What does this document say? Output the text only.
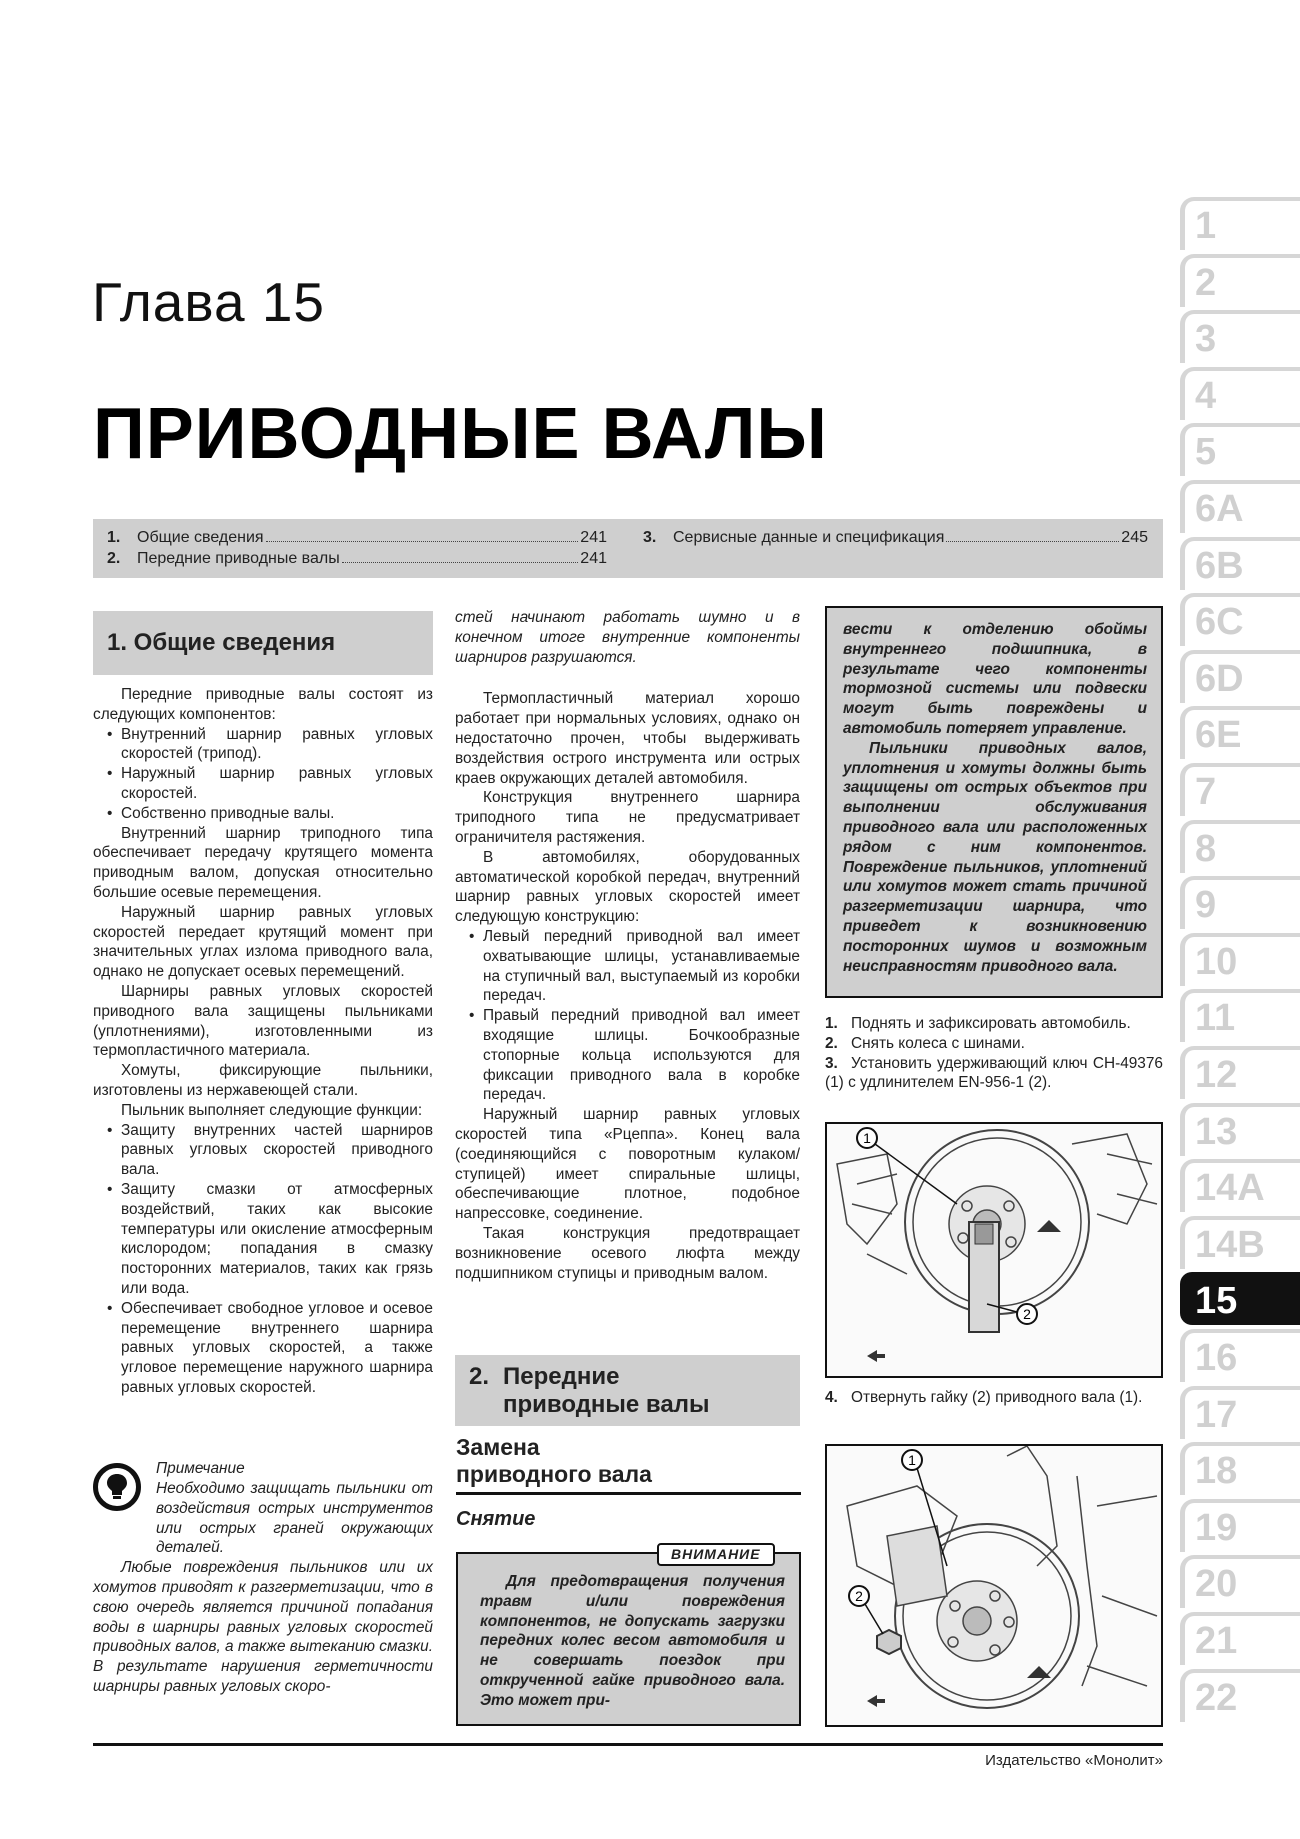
Глава 15
ПРИВОДНЫЕ ВАЛЫ
1.	Общие сведения	241
2.	Передние приводные валы	241
3.	Сервисные данные и спецификация	245
1. Общие сведения

Передние приводные валы состоят из следующих компонентов:

• Внутренний шарнир равных угловых скоростей (трипод).

• Наружный шарнир равных угловых скоростей.

• Собственно приводные валы.

Внутренний шарнир триподного типа обеспечивает передачу крутящего момента приводным валом, допуская относительно большие осевые перемещения.

Наружный шарнир равных угловых скоростей передает крутящий момент при значительных углах излома приводного вала, однако не допускает осевых перемещений.

Шарниры равных угловых скоростей приводного вала защищены пыльниками (уплотнениями), изготовленными из термопластичного материала.

Хомуты, фиксирующие пыльники, изготовлены из нержавеющей стали.

Пыльник выполняет следующие функции:

• Защиту внутренних частей шарниров равных угловых скоростей приводного вала.

• Защиту смазки от атмосферных воздействий, таких как высокие температуры или окисление атмосферным кислородом; попадания в смазку посторонних материалов, таких как грязь или вода.

• Обеспечивает свободное угловое и осевое перемещение внутреннего шарнира равных угловых скоростей, а также угловое перемещение наружного шарнира равных угловых скоростей.

Примечание

Необходимо защищать пыльники от воздействия острых инструментов или острых граней окружающих деталей.

Любые повреждения пыльников или их хомутов приводят к разгерметизации, что в свою очередь является причиной попадания воды в шарниры равных угловых скоростей приводных валов, а также вытеканию смазки. В результате нарушения герметичности шарниры равных угловых скоро-

стей начинают работать шумно и в конечном итоге внутренние компоненты шарниров разрушаются.

Термопластичный материал хорошо работает при нормальных условиях, однако он недостаточно прочен, чтобы выдерживать воздействия острого инструмента или острых краев окружающих деталей автомобиля.

Конструкция внутреннего шарнира триподного типа не предусматривает ограничителя растяжения.

В автомобилях, оборудованных автоматической коробкой передач, внутренний шарнир равных угловых скоростей имеет следующую конструкцию:

• Левый передний приводной вал имеет охватывающие шлицы, устанавливаемые на ступичный вал, выступаемый из коробки передач.

• Правый передний приводной вал имеет входящие шлицы. Бочкообразные стопорные кольца используются для фиксации приводного вала в коробке передач.

Наружный шарнир равных угловых скоростей типа «Рцеппа». Конец вала (соединяющийся с поворотным кулаком/ступицей) имеет спиральные шлицы, обеспечивающие плотное, подобное напрессовке, соединение.

Такая конструкция предотвращает возникновение осевого люфта между подшипником ступицы и приводным валом.

2. Передние
приводные валы
Замена
приводного вала
Снятие

Для предотвращения получения травм и/или повреждения компонентов, не допускать загрузки передних колес весом автомобиля и не совершать поездок при открученной гайке приводного вала. Это может при-

ВНИМАНИЕ

вести к отделению обоймы внутреннего подшипника, в результате чего компоненты тормозной системы или подвески могут быть повреждены и автомобиль потеряет управление.

Пыльники приводных валов, уплотнения и хомуты должны быть защищены от острых объектов при выполнении обслуживания приводного вала или расположенных рядом с ним компонентов. Повреждение пыльников, уплотнений или хомутов может стать причиной разгерметизации шарнира, что приведет к возникновению посторонних шумов и возможным неисправностям приводного вала.

1. Поднять и зафиксировать автомобиль.

2. Снять колеса с шинами.

3. Установить удерживающий ключ CH-49376 (1) с удлинителем EN-956-1 (2).

1
2

4. Отвернуть гайку (2) приводного вала (1).

1
2
Издательство «Монолит»
1
2
3
4
5
6A
6B
6C
6D
6E
7
8
9
10
11
12
13
14A
14B
15
16
17
18
19
20
21
22
